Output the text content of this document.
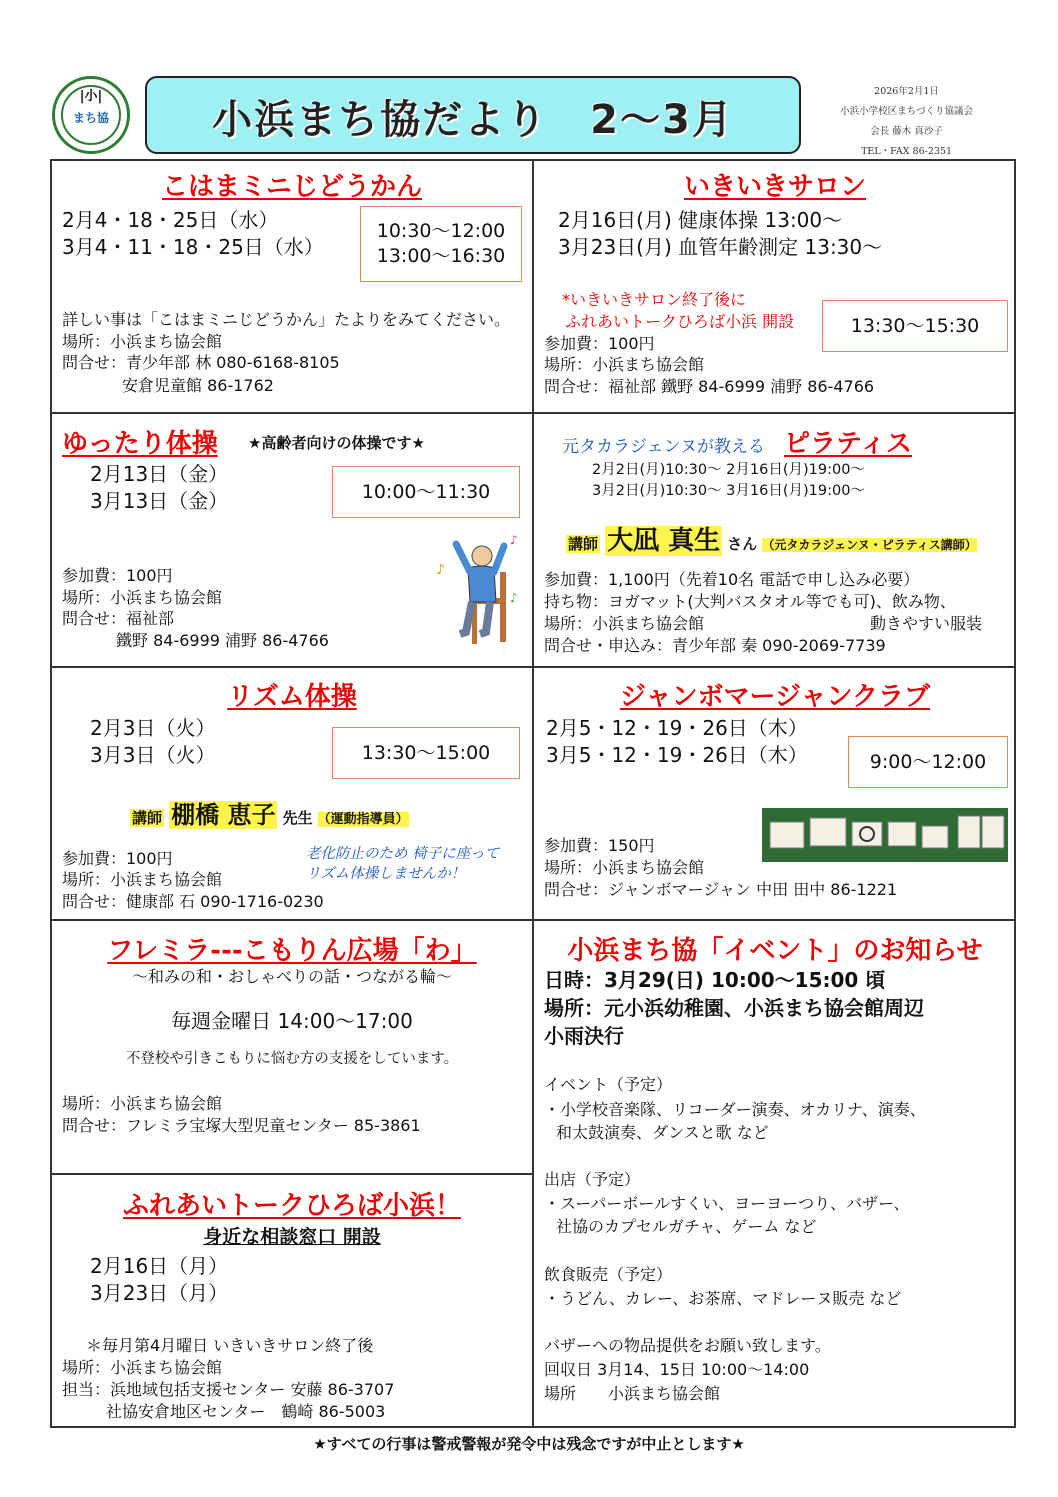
|小|
まち協	小浜まち協だより　2～3月
2026年2月1日
小浜小学校区まちづくり協議会
会長 藤木 真沙子
TEL・FAX 86-2351
こはまミニじどうかん
2月4・18・25日（水）
3月4・11・18・25日（水）
10:30～12:00
13:00～16:30
詳しい事は「こはまミニじどうかん」たよりをみてください。
場所：小浜まち協会館
問合せ：青少年部 林 080-6168-8105
安倉児童館 86-1762
いきいきサロン
2月16日(月) 健康体操 13:00～
3月23日(月) 血管年齢測定 13:30～
*いきいきサロン終了後に
ふれあいトークひろば小浜 開設	13:30～15:30
参加費：100円
場所：小浜まち協会館
問合せ：福祉部 鐵野 84-6999 浦野 86-4766
ゆったり体操 ★高齢者向けの体操です★
2月13日（金）
3月13日（金）	10:00～11:30
♪
♪
♪
参加費：100円
場所：小浜まち協会館
問合せ：福祉部
鐵野 84-6999 浦野 86-4766
元タカラジェンヌが教える ピラティス
2月2日(月)10:30～ 2月16日(月)19:00～
3月2日(月)10:30～ 3月16日(月)19:00～
講師 大凪 真生 さん （元タカラジェンヌ・ピラティス講師）
参加費：1,100円（先着10名 電話で申し込み必要）
持ち物：ヨガマット(大判バスタオル等でも可)、飲み物、
場所：小浜まち協会館	動きやすい服装
問合せ・申込み：青少年部 秦 090-2069-7739
リズム体操
2月3日（火）
3月3日（火）	13:30～15:00
講師 棚橋 恵子 先生 （運動指導員）
老化防止のため 椅子に座って
リズム体操しませんか！
参加費：100円
場所：小浜まち協会館
問合せ：健康部 石 090-1716-0230
ジャンボマージャンクラブ
2月5・12・19・26日（木）
3月5・12・19・26日（木）	9:00～12:00
参加費：150円
場所：小浜まち協会館
問合せ：ジャンボマージャン 中田 田中 86-1221
フレミラ---こもりん広場「わ」
～和みの和・おしゃべりの話・つながる輪～
毎週金曜日 14:00～17:00
不登校や引きこもりに悩む方の支援をしています。
場所：小浜まち協会館
問合せ：フレミラ宝塚大型児童センター 85-3861
ふれあいトークひろば小浜！
身近な相談窓口 開設
2月16日（月）
3月23日（月）
＊毎月第4月曜日 いきいきサロン終了後
場所：小浜まち協会館
担当：浜地域包括支援センター 安藤 86-3707
社協安倉地区センター　鶴崎 86-5003
小浜まち協「イベント」のお知らせ
日時：3月29(日) 10:00～15:00 頃
場所：元小浜幼稚園、小浜まち協会館周辺
小雨決行
イベント（予定）
・小学校音楽隊、リコーダー演奏、オカリナ、演奏、
和太鼓演奏、ダンスと歌 など
出店（予定）
・スーパーボールすくい、ヨーヨーつり、バザー、
社協のカプセルガチャ、ゲーム など
飲食販売（予定）
・うどん、カレー、お茶席、マドレーヌ販売 など
バザーへの物品提供をお願い致します。
回収日 3月14、15日 10:00～14:00
場所　　小浜まち協会館
★すべての行事は警戒警報が発令中は残念ですが中止とします★
